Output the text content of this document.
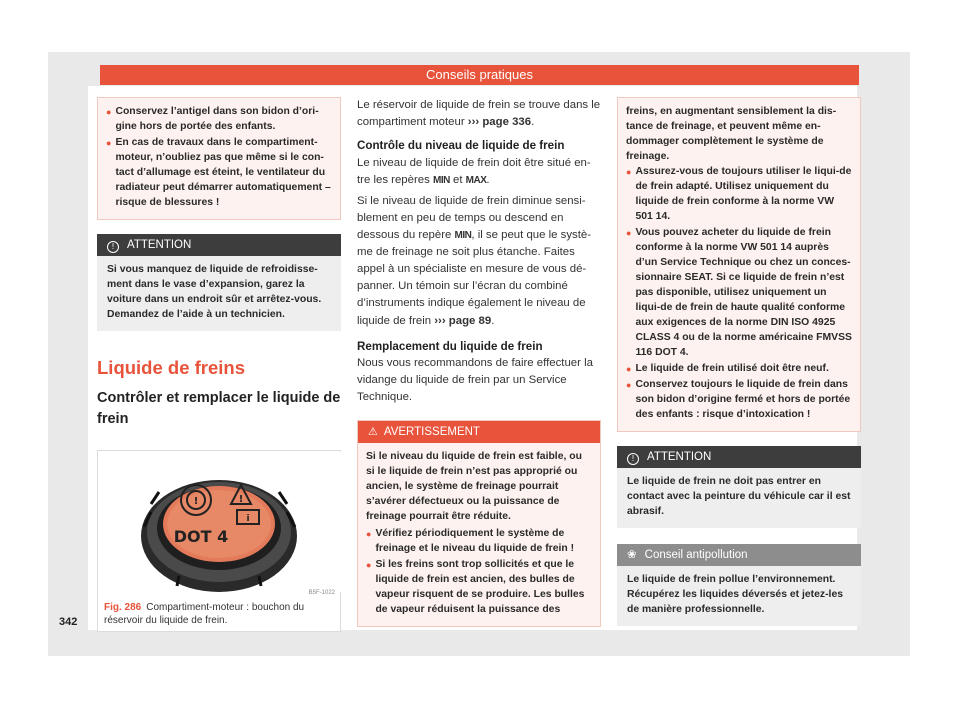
Conseils pratiques
● Conservez l’antigel dans son bidon d’ori-gine hors de portée des enfants.
● En cas de travaux dans le compartiment-moteur, n’oubliez pas que même si le con-tact d’allumage est éteint, le ventilateur du radiateur peut démarrer automatiquement – risque de blessures !
! ATTENTION
Si vous manquez de liquide de refroidisse-ment dans le vase d’expansion, garez la voiture dans un endroit sûr et arrêtez-vous. Demandez de l’aide à un technicien.
Liquide de freins
Contrôler et remplacer le liquide de frein
!	!
i
DOT 4
B5F-1022
Fig. 286 Compartiment-moteur : bouchon du réservoir du liquide de frein.
Le réservoir de liquide de frein se trouve dans le compartiment moteur ››› page 336.
Contrôle du niveau de liquide de frein
Le niveau de liquide de frein doit être situé en-tre les repères MIN et MAX.
Si le niveau de liquide de frein diminue sensi-blement en peu de temps ou descend en dessous du repère MIN, il se peut que le systè-me de freinage ne soit plus étanche. Faites appel à un spécialiste en mesure de vous dé-panner. Un témoin sur l’écran du combiné d’instruments indique également le niveau de liquide de frein ››› page 89.
Remplacement du liquide de frein
Nous vous recommandons de faire effectuer la vidange du liquide de frein par un Service Technique.
⚠ AVERTISSEMENT
Si le niveau du liquide de frein est faible, ou si le liquide de frein n’est pas approprié ou ancien, le système de freinage pourrait s’avérer défectueux ou la puissance de freinage pourrait être réduite.
● Vérifiez périodiquement le système de freinage et le niveau du liquide de frein !
● Si les freins sont trop sollicités et que le liquide de frein est ancien, des bulles de vapeur risquent de se produire. Les bulles de vapeur réduisent la puissance des
freins, en augmentant sensiblement la dis-tance de freinage, et peuvent même en-dommager complètement le système de freinage.
● Assurez-vous de toujours utiliser le liqui-de de frein adapté. Utilisez uniquement du liquide de frein conforme à la norme VW 501 14.
● Vous pouvez acheter du liquide de frein conforme à la norme VW 501 14 auprès d’un Service Technique ou chez un conces-sionnaire SEAT. Si ce liquide de frein n’est pas disponible, utilisez uniquement un liqui-de de frein de haute qualité conforme aux exigences de la norme DIN ISO 4925 CLASS 4 ou de la norme américaine FMVSS 116 DOT 4.
● Le liquide de frein utilisé doit être neuf.
● Conservez toujours le liquide de frein dans son bidon d’origine fermé et hors de portée des enfants : risque d’intoxication !
! ATTENTION
Le liquide de frein ne doit pas entrer en contact avec la peinture du véhicule car il est abrasif.
❀ Conseil antipollution
Le liquide de frein pollue l’environnement. Récupérez les liquides déversés et jetez-les de manière professionnelle.
342
